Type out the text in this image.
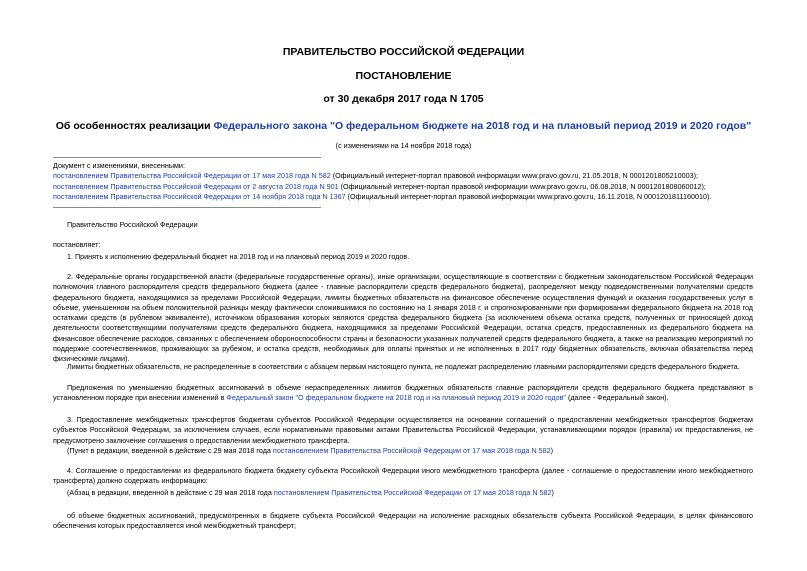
ПРАВИТЕЛЬСТВО РОССИЙСКОЙ ФЕДЕРАЦИИ
ПОСТАНОВЛЕНИЕ
от 30 декабря 2017 года N 1705
Об особенностях реализации Федерального закона "О федеральном бюджете на 2018 год и на плановый период 2019 и 2020 годов"
(с изменениями на 14 ноября 2018 года)
Документ с изменениями, внесенными:
постановлением Правительства Российской Федерации от 17 мая 2018 года N 582 (Официальный интернет-портал правовой информации www.pravo.gov.ru, 21.05.2018, N 0001201805210003);
постановлением Правительства Российской Федерации от 2 августа 2018 года N 901 (Официальный интернет-портал правовой информации www.pravo.gov.ru, 06.08.2018, N 0001201808060012);
постановлением Правительства Российской Федерации от 14 ноября 2018 года N 1367 (Официальный интернет-портал правовой информации www.pravo.gov.ru, 16.11.2018, N 0001201811160010).
Правительство Российской Федерации
постановляет:
1. Принять к исполнению федеральный бюджет на 2018 год и на плановый период 2019 и 2020 годов.
2. Федеральные органы государственной власти (федеральные государственные органы), иные организации, осуществляющие в соответствии с бюджетным законодательством Российской Федерации полномочия главного распорядителя средств федерального бюджета (далее - главные распорядители средств федерального бюджета), распределяют между подведомственными получателями средств федерального бюджета, находящимися за пределами Российской Федерации, лимиты бюджетных обязательств на финансовое обеспечение осуществления функций и оказания государственных услуг в объеме, уменьшенном на объем положительной разницы между фактически сложившимися по состоянию на 1 января 2018 г. и спрогнозированными при формировании федерального бюджета на 2018 год остатками средств (в рублевом эквиваленте), источником образования которых являются средства федерального бюджета (за исключением объема остатка средств, полученных от приносящей доход деятельности соответствующими получателями средств федерального бюджета, находящимися за пределами Российской Федерации, остатка средств, предоставленных из федерального бюджета на финансовое обеспечение расходов, связанных с обеспечением обороноспособности страны и безопасности указанных получателей средств федерального бюджета, а также на реализацию мероприятий по поддержке соотечественников, проживающих за рубежом, и остатка средств, необходимых для оплаты принятых и не исполненных в 2017 году бюджетных обязательств, включая обязательства перед физическими лицами).
Лимиты бюджетных обязательств, не распределенные в соответствии с абзацем первым настоящего пункта, не подлежат распределению главными распорядителями средств федерального бюджета.
Предложения по уменьшению бюджетных ассигнований в объеме нераспределенных лимитов бюджетных обязательств главные распорядители средств федерального бюджета представляют в установленном порядке при внесении изменений в Федеральный закон "О федеральном бюджете на 2018 год и на плановый период 2019 и 2020 годов" (далее - Федеральный закон).
3. Предоставление межбюджетных трансфертов бюджетам субъектов Российской Федерации осуществляется на основании соглашений о предоставлении межбюджетных трансфертов бюджетам субъектов Российской Федерации, за исключением случаев, если нормативными правовыми актами Правительства Российской Федерации, устанавливающими порядок (правила) их предоставления, не предусмотрено заключение соглашения о предоставлении межбюджетного трансферта.
(Пункт в редакции, введенной в действие с 29 мая 2018 года постановлением Правительства Российской Федерации от 17 мая 2018 года N 582)
4. Соглашение о предоставлении из федерального бюджета бюджету субъекта Российской Федерации иного межбюджетного трансферта (далее - соглашение о предоставлении иного межбюджетного трансферта) должно содержать информацию:
(Абзац в редакции, введенной в действие с 29 мая 2018 года постановлением Правительства Российской Федерации от 17 мая 2018 года N 582)
об объеме бюджетных ассигнований, предусмотренных в бюджете субъекта Российской Федерации на исполнение расходных обязательств субъекта Российской Федерации, в целях финансового обеспечения которых предоставляется иной межбюджетный трансферт;
